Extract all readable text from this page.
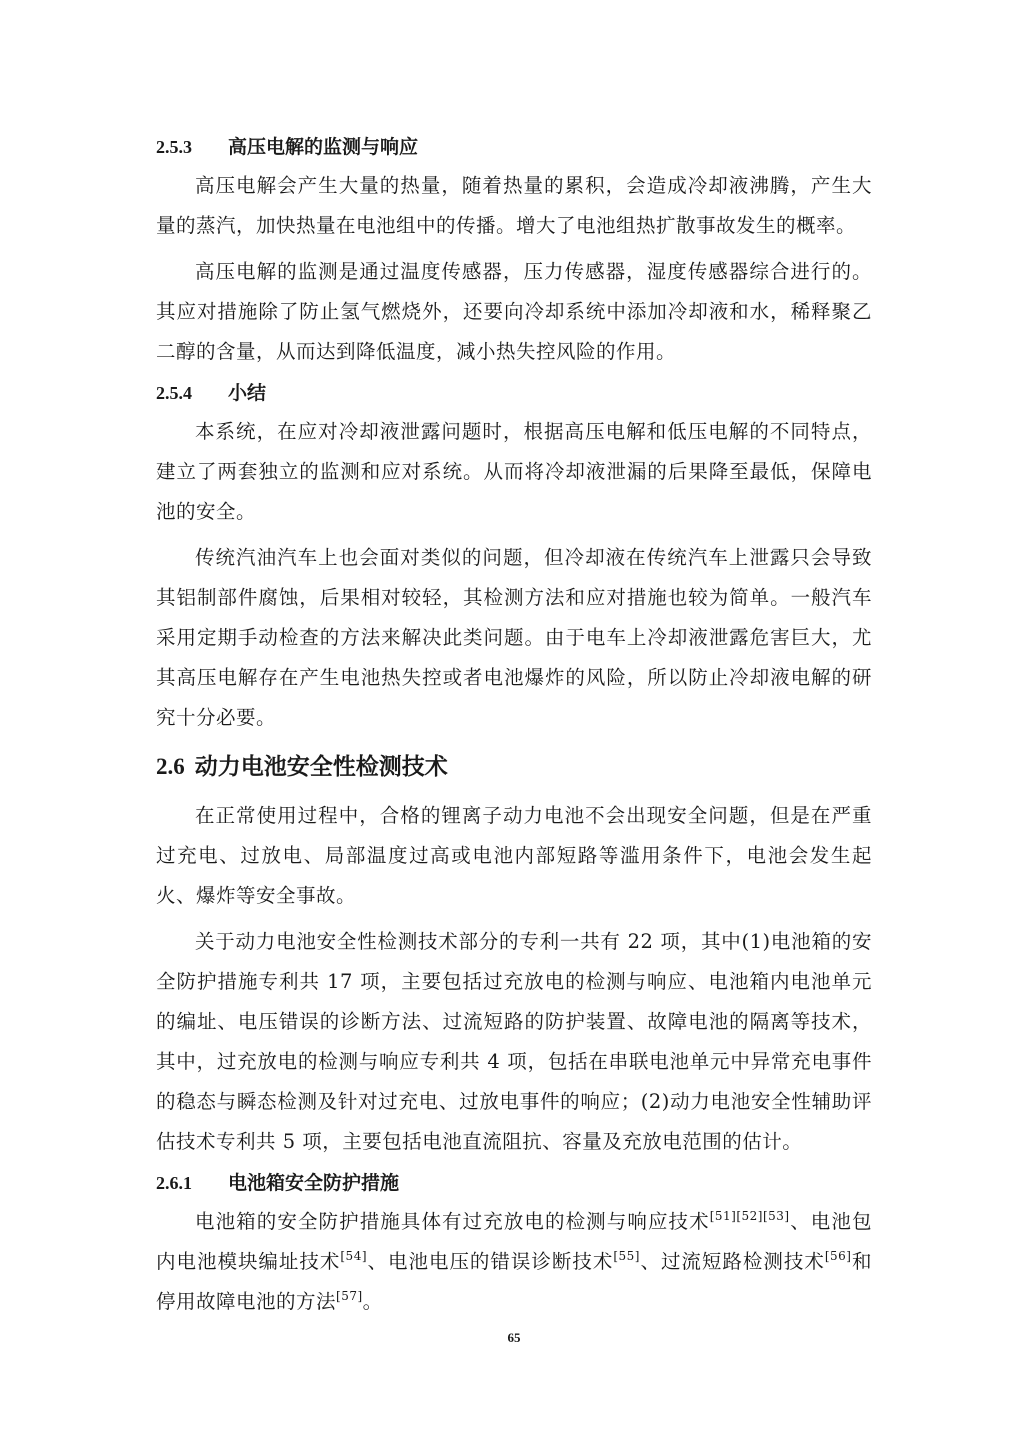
2.5.3	高压电解的监测与响应

高压电解会产生大量的热量，随着热量的累积，会造成冷却液沸腾，产生大量的蒸汽，加快热量在电池组中的传播。增大了电池组热扩散事故发生的概率。

高压电解的监测是通过温度传感器，压力传感器，湿度传感器综合进行的。其应对措施除了防止氢气燃烧外，还要向冷却系统中添加冷却液和水，稀释聚乙二醇的含量，从而达到降低温度，减小热失控风险的作用。

2.5.4	小结

本系统，在应对冷却液泄露问题时，根据高压电解和低压电解的不同特点，建立了两套独立的监测和应对系统。从而将冷却液泄漏的后果降至最低，保障电池的安全。

传统汽油汽车上也会面对类似的问题，但冷却液在传统汽车上泄露只会导致其铝制部件腐蚀，后果相对较轻，其检测方法和应对措施也较为简单。一般汽车采用定期手动检查的方法来解决此类问题。由于电车上冷却液泄露危害巨大，尤其高压电解存在产生电池热失控或者电池爆炸的风险，所以防止冷却液电解的研究十分必要。

2.6 动力电池安全性检测技术

在正常使用过程中，合格的锂离子动力电池不会出现安全问题，但是在严重过充电、过放电、局部温度过高或电池内部短路等滥用条件下，电池会发生起火、爆炸等安全事故。

关于动力电池安全性检测技术部分的专利一共有 22 项，其中(1)电池箱的安全防护措施专利共 17 项，主要包括过充放电的检测与响应、电池箱内电池单元的编址、电压错误的诊断方法、过流短路的防护装置、故障电池的隔离等技术，其中，过充放电的检测与响应专利共 4 项，包括在串联电池单元中异常充电事件的稳态与瞬态检测及针对过充电、过放电事件的响应；(2)动力电池安全性辅助评估技术专利共 5 项，主要包括电池直流阻抗、容量及充放电范围的估计。

2.6.1	电池箱安全防护措施

电池箱的安全防护措施具体有过充放电的检测与响应技术[51][52][53]、电池包内电池模块编址技术[54]、电池电压的错误诊断技术[55]、过流短路检测技术[56]和停用故障电池的方法[57]。

65
